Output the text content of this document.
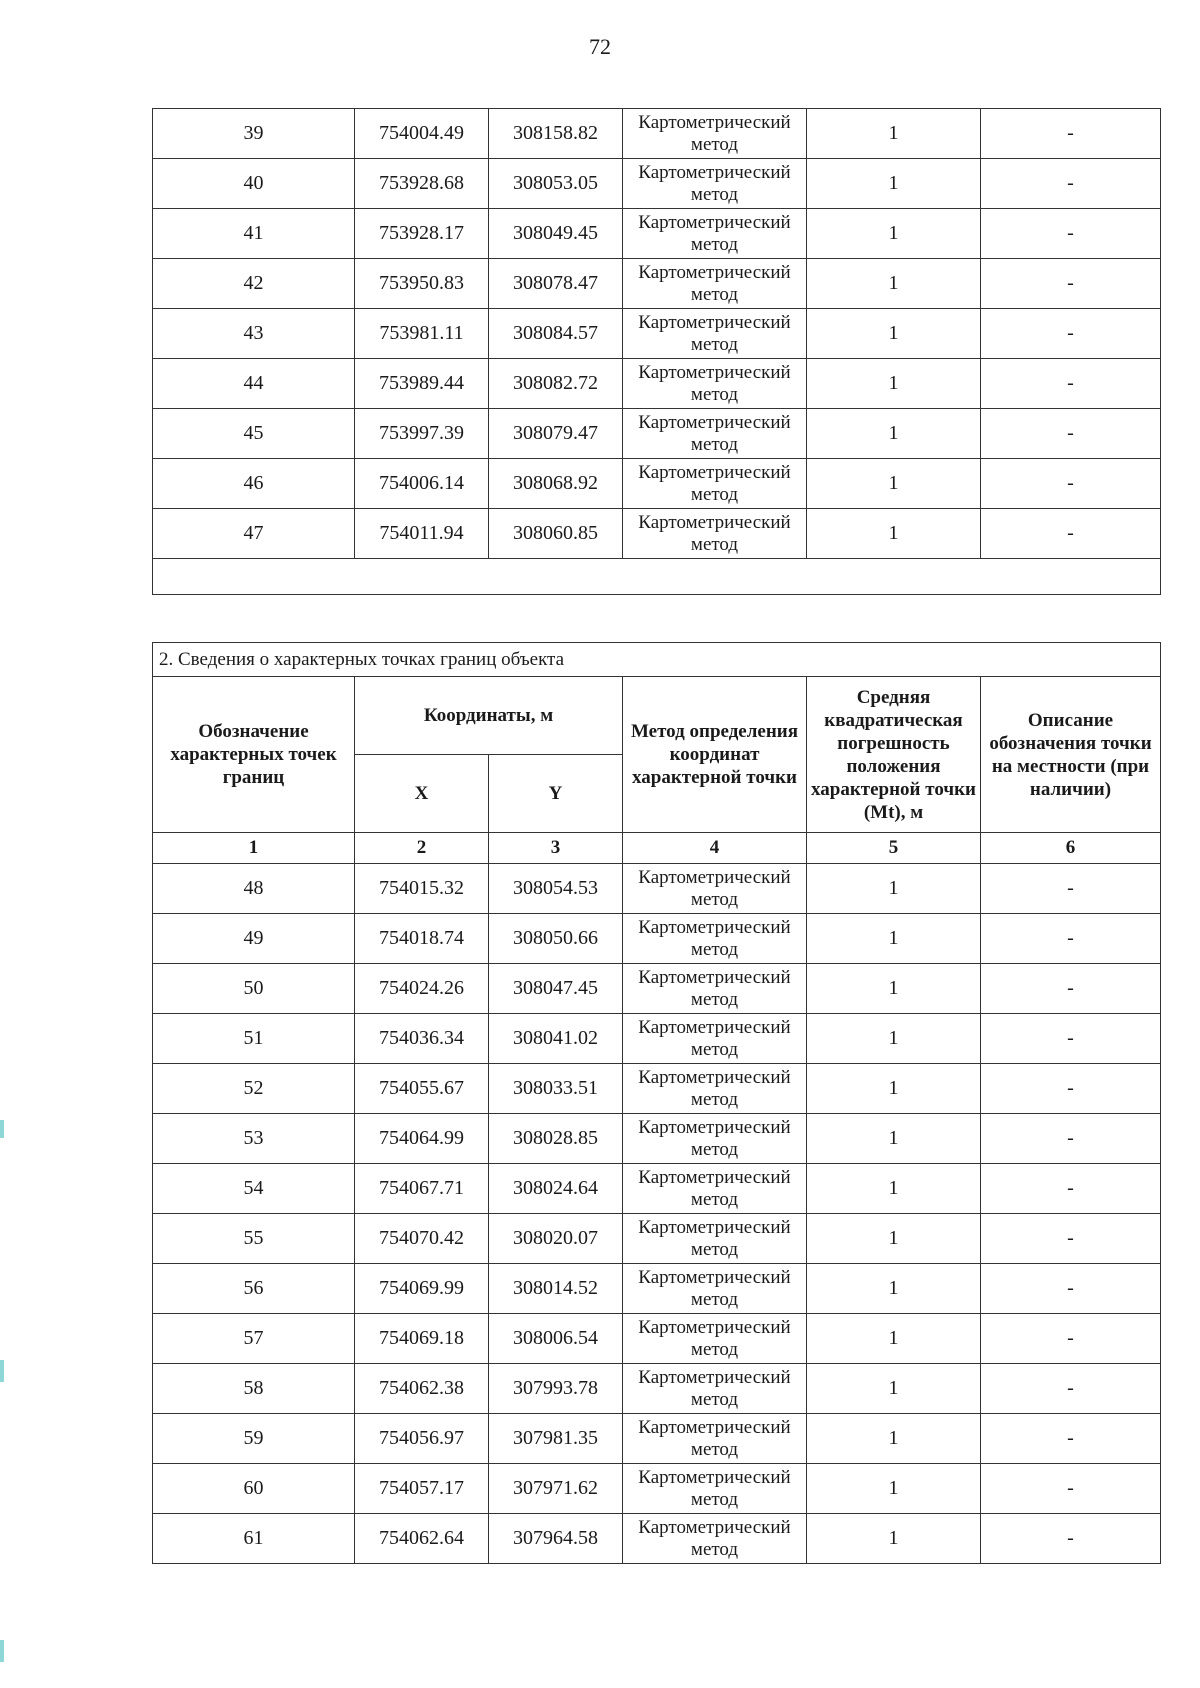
72
39	754004.49	308158.82	Картометрический метод	1	-
40	753928.68	308053.05	Картометрический метод	1	-
41	753928.17	308049.45	Картометрический метод	1	-
42	753950.83	308078.47	Картометрический метод	1	-
43	753981.11	308084.57	Картометрический метод	1	-
44	753989.44	308082.72	Картометрический метод	1	-
45	753997.39	308079.47	Картометрический метод	1	-
46	754006.14	308068.92	Картометрический метод	1	-
47	754011.94	308060.85	Картометрический метод	1	-

2. Сведения о характерных точках границ объекта					
Обозначение характерных точек границ	Координаты, м		Метод определения координат характерной точки	Средняя квадратическая погрешность положения характерной точки (Mt), м	Описание обозначения точки на местности (при наличии)
	X	Y			
1	2	3	4	5	6
48	754015.32	308054.53	Картометрический метод	1	-
49	754018.74	308050.66	Картометрический метод	1	-
50	754024.26	308047.45	Картометрический метод	1	-
51	754036.34	308041.02	Картометрический метод	1	-
52	754055.67	308033.51	Картометрический метод	1	-
53	754064.99	308028.85	Картометрический метод	1	-
54	754067.71	308024.64	Картометрический метод	1	-
55	754070.42	308020.07	Картометрический метод	1	-
56	754069.99	308014.52	Картометрический метод	1	-
57	754069.18	308006.54	Картометрический метод	1	-
58	754062.38	307993.78	Картометрический метод	1	-
59	754056.97	307981.35	Картометрический метод	1	-
60	754057.17	307971.62	Картометрический метод	1	-
61	754062.64	307964.58	Картометрический метод	1	-
